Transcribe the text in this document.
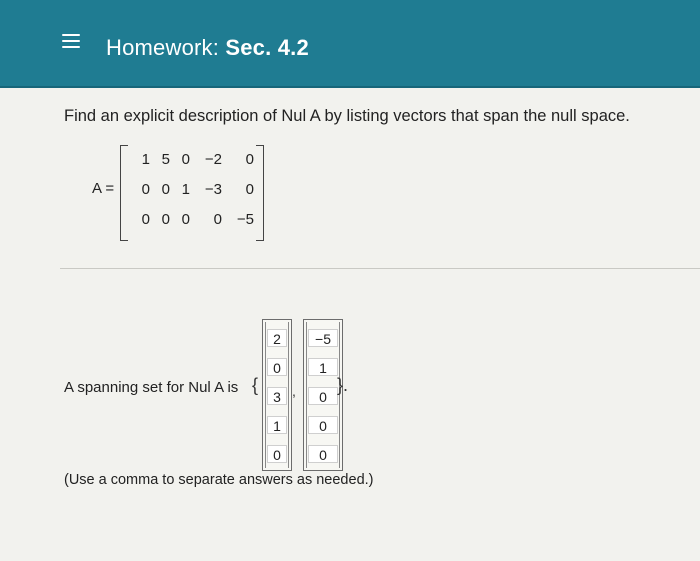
Homework: Sec. 4.2
Find an explicit description of Nul A by listing vectors that span the null space.
A =
1 5 0 −2	0
0 0 1 −3	0
0 0 0	0 −5
A spanning set for Nul A is {
2
0
3
1
0
,
−5
1
0
0
0
}.
(Use a comma to separate answers as needed.)
